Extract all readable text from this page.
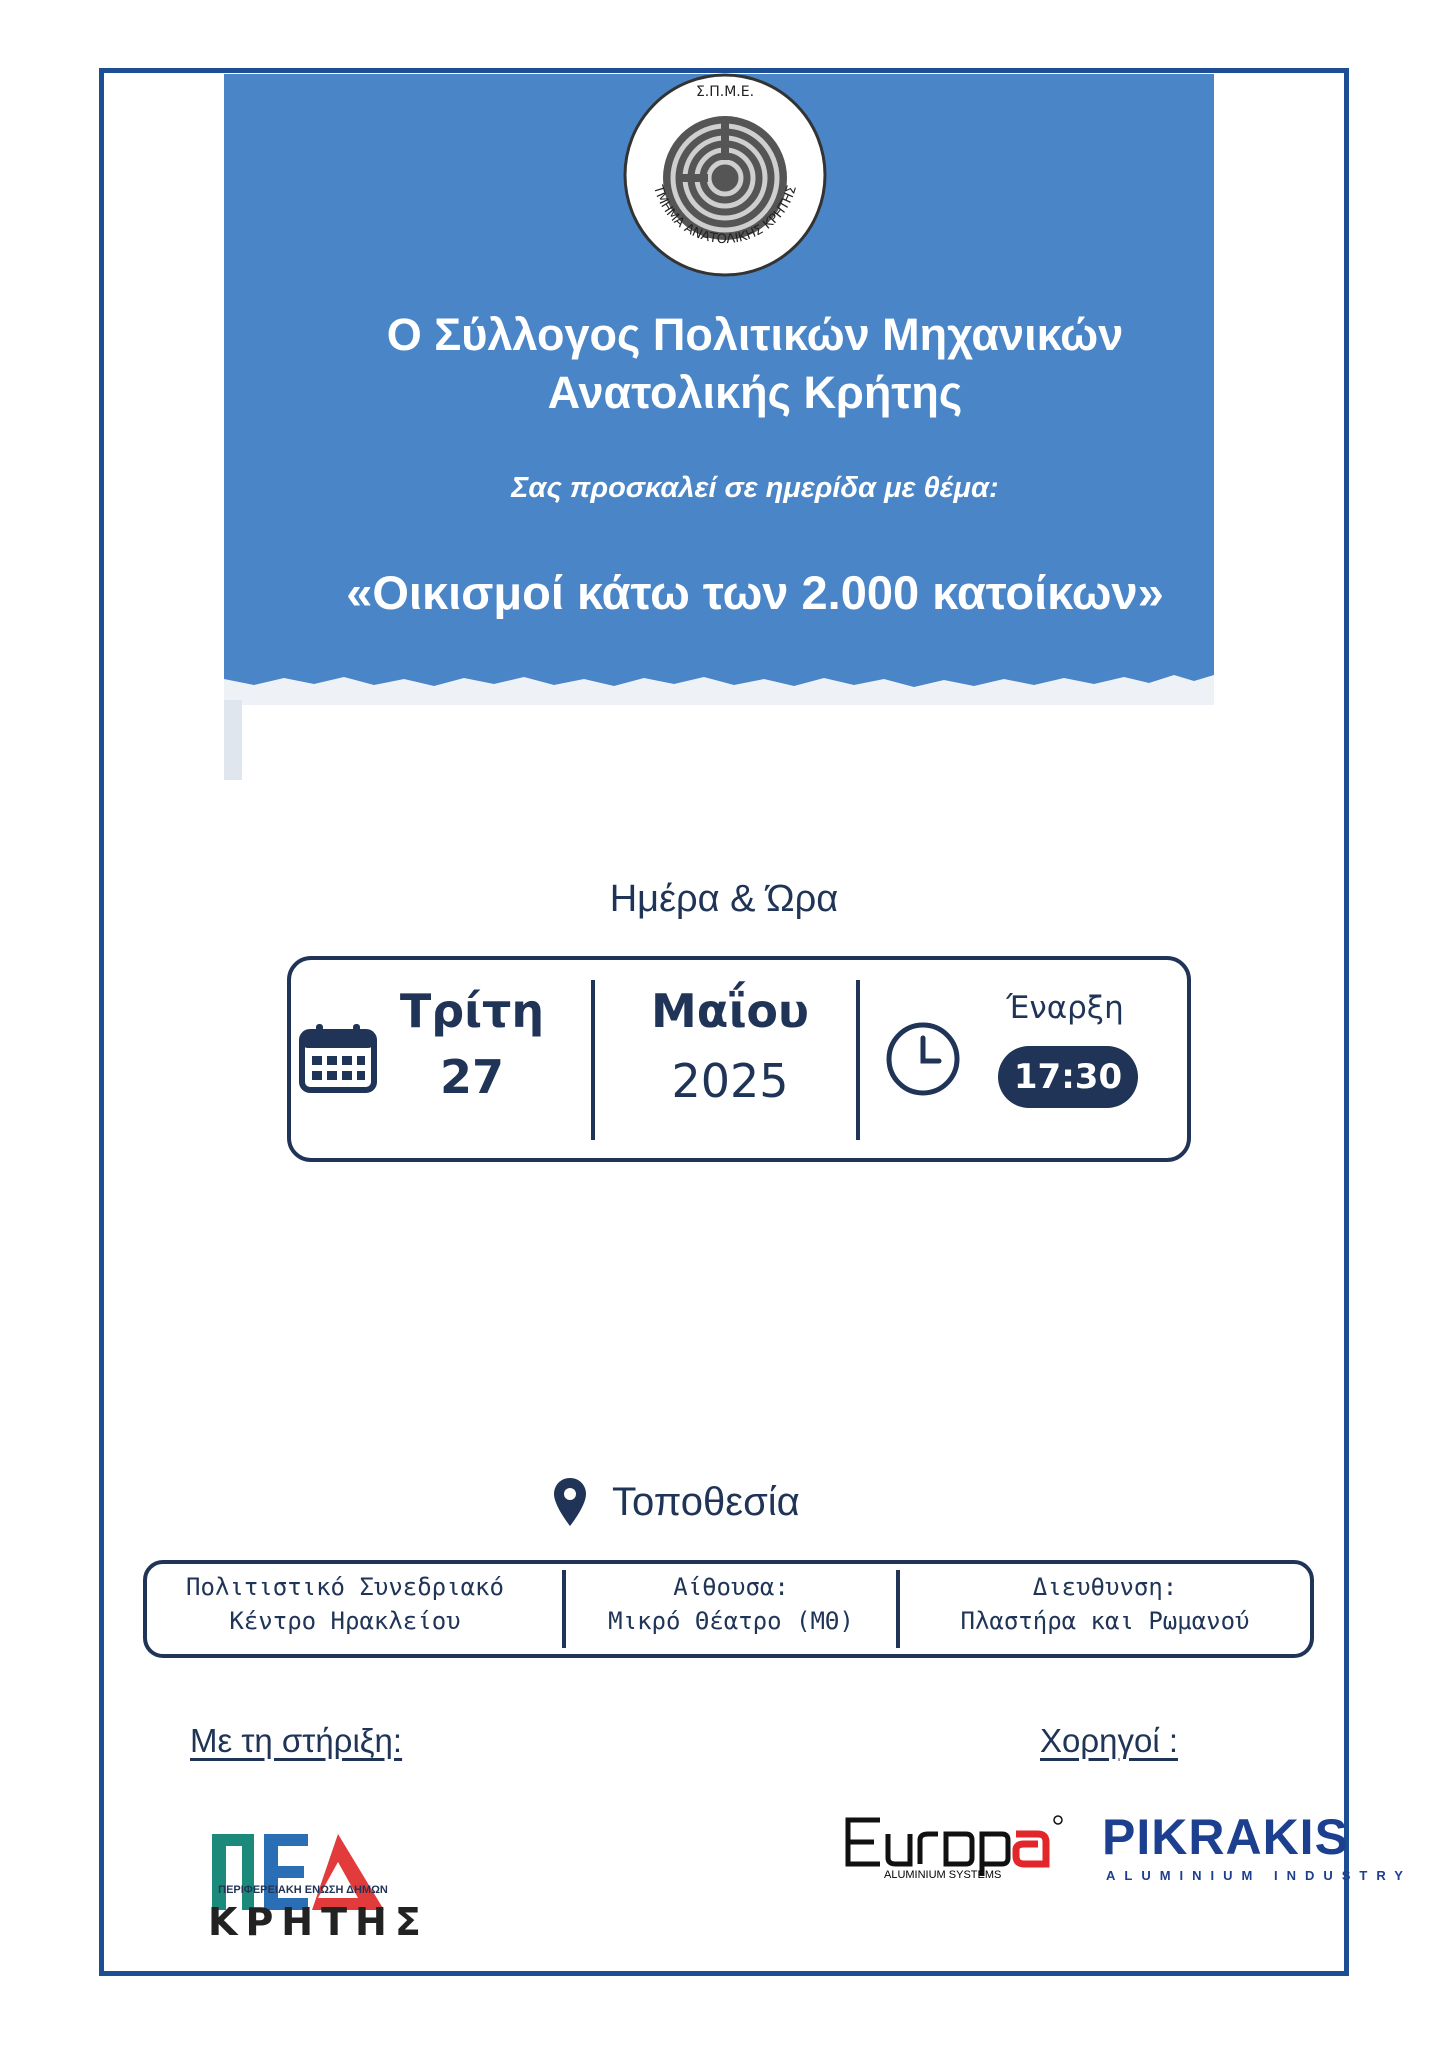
Σ.Π.Μ.Ε.
ΤΜΗΜΑ ΑΝΑΤΟΛΙΚΗΣ ΚΡΗΤΗΣ
Ο Σύλλογος Πολιτικών Μηχανικών
Ανατολικής Κρήτης
Σας προσκαλεί σε ημερίδα με θέμα:
«Οικισμοί κάτω των 2.000 κατοίκων»
Ημέρα & Ώρα
Τρίτη
27
Μαΐου
2025
Έναρξη
17:30
Τοποθεσία
Πολιτιστικό Συνεδριακό
Κέντρο Ηρακλείου
Αίθουσα:
Μικρό Θέατρο (ΜΘ)
Διευθυνση:
Πλαστήρα και Ρωμανού
Με τη στήριξη:	Χορηγοί :
ΠΕΡΙΦΕΡΕΙΑΚΗ ΕΝΩΣΗ ΔΗΜΩΝ
ΚΡΗΤΗΣ
ALUMINIUM SYSTEMS
PIKRAKIS
ALUMINIUM INDUSTRY
